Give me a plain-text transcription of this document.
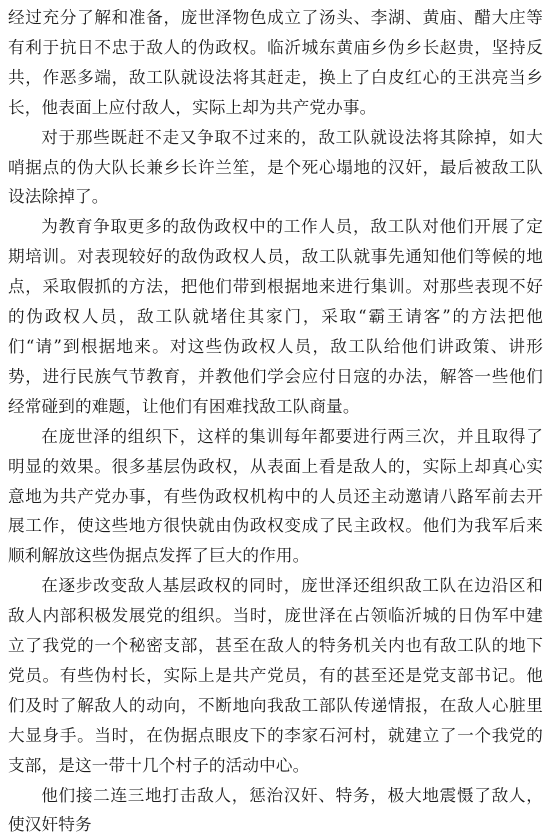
经过充分了解和准备，庞世泽物色成立了汤头、李湖、黄庙、醋大庄等有利于抗日不忠于敌人的伪政权。临沂城东黄庙乡伪乡长赵贵，坚持反共，作恶多端，敌工队就设法将其赶走，换上了白皮红心的王洪亮当乡长，他表面上应付敌人，实际上却为共产党办事。

对于那些既赶不走又争取不过来的，敌工队就设法将其除掉，如大哨据点的伪大队长兼乡长许兰笙，是个死心塌地的汉奸，最后被敌工队设法除掉了。

为教育争取更多的敌伪政权中的工作人员，敌工队对他们开展了定期培训。对表现较好的敌伪政权人员，敌工队就事先通知他们等候的地点，采取假抓的方法，把他们带到根据地来进行集训。对那些表现不好的伪政权人员，敌工队就堵住其家门，采取“霸王请客”的方法把他们“请”到根据地来。对这些伪政权人员，敌工队给他们讲政策、讲形势，进行民族气节教育，并教他们学会应付日寇的办法，解答一些他们经常碰到的难题，让他们有困难找敌工队商量。

在庞世泽的组织下，这样的集训每年都要进行两三次，并且取得了明显的效果。很多基层伪政权，从表面上看是敌人的，实际上却真心实意地为共产党办事，有些伪政权机构中的人员还主动邀请八路军前去开展工作，使这些地方很快就由伪政权变成了民主政权。他们为我军后来顺利解放这些伪据点发挥了巨大的作用。

在逐步改变敌人基层政权的同时，庞世泽还组织敌工队在边沿区和敌人内部积极发展党的组织。当时，庞世泽在占领临沂城的日伪军中建立了我党的一个秘密支部，甚至在敌人的特务机关内也有敌工队的地下党员。有些伪村长，实际上是共产党员，有的甚至还是党支部书记。他们及时了解敌人的动向，不断地向我敌工部队传递情报，在敌人心脏里大显身手。当时，在伪据点眼皮下的李家石河村，就建立了一个我党的支部，是这一带十几个村子的活动中心。

他们接二连三地打击敌人，惩治汉奸、特务，极大地震慑了敌人，使汉奸特务
